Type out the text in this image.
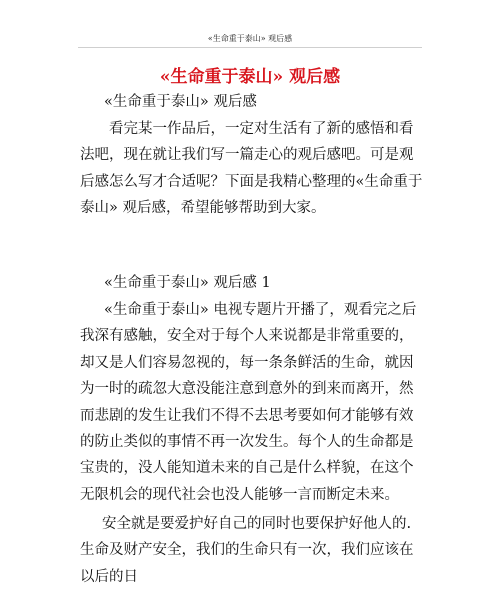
«生命重于泰山» 观后感
«生命重于泰山» 观后感

«生命重于泰山» 观后感

看完某一作品后，一定对生活有了新的感悟和看法吧，现在就让我们写一篇走心的观后感吧。可是观后感怎么写才合适呢？下面是我精心整理的«生命重于泰山» 观后感，希望能够帮助到大家。

«生命重于泰山» 观后感 1

«生命重于泰山» 电视专题片开播了，观看完之后我深有感触，安全对于每个人来说都是非常重要的，却又是人们容易忽视的，每一条条鲜活的生命，就因为一时的疏忽大意没能注意到意外的到来而离开，然而悲剧的发生让我们不得不去思考要如何才能够有效的防止类似的事情不再一次发生。每个人的生命都是宝贵的，没人能知道未来的自己是什么样貌，在这个无限机会的现代社会也没人能够一言而断定未来。

安全就是要爱护好自己的同时也要保护好他人的.生命及财产安全，我们的生命只有一次，我们应该在以后的日
